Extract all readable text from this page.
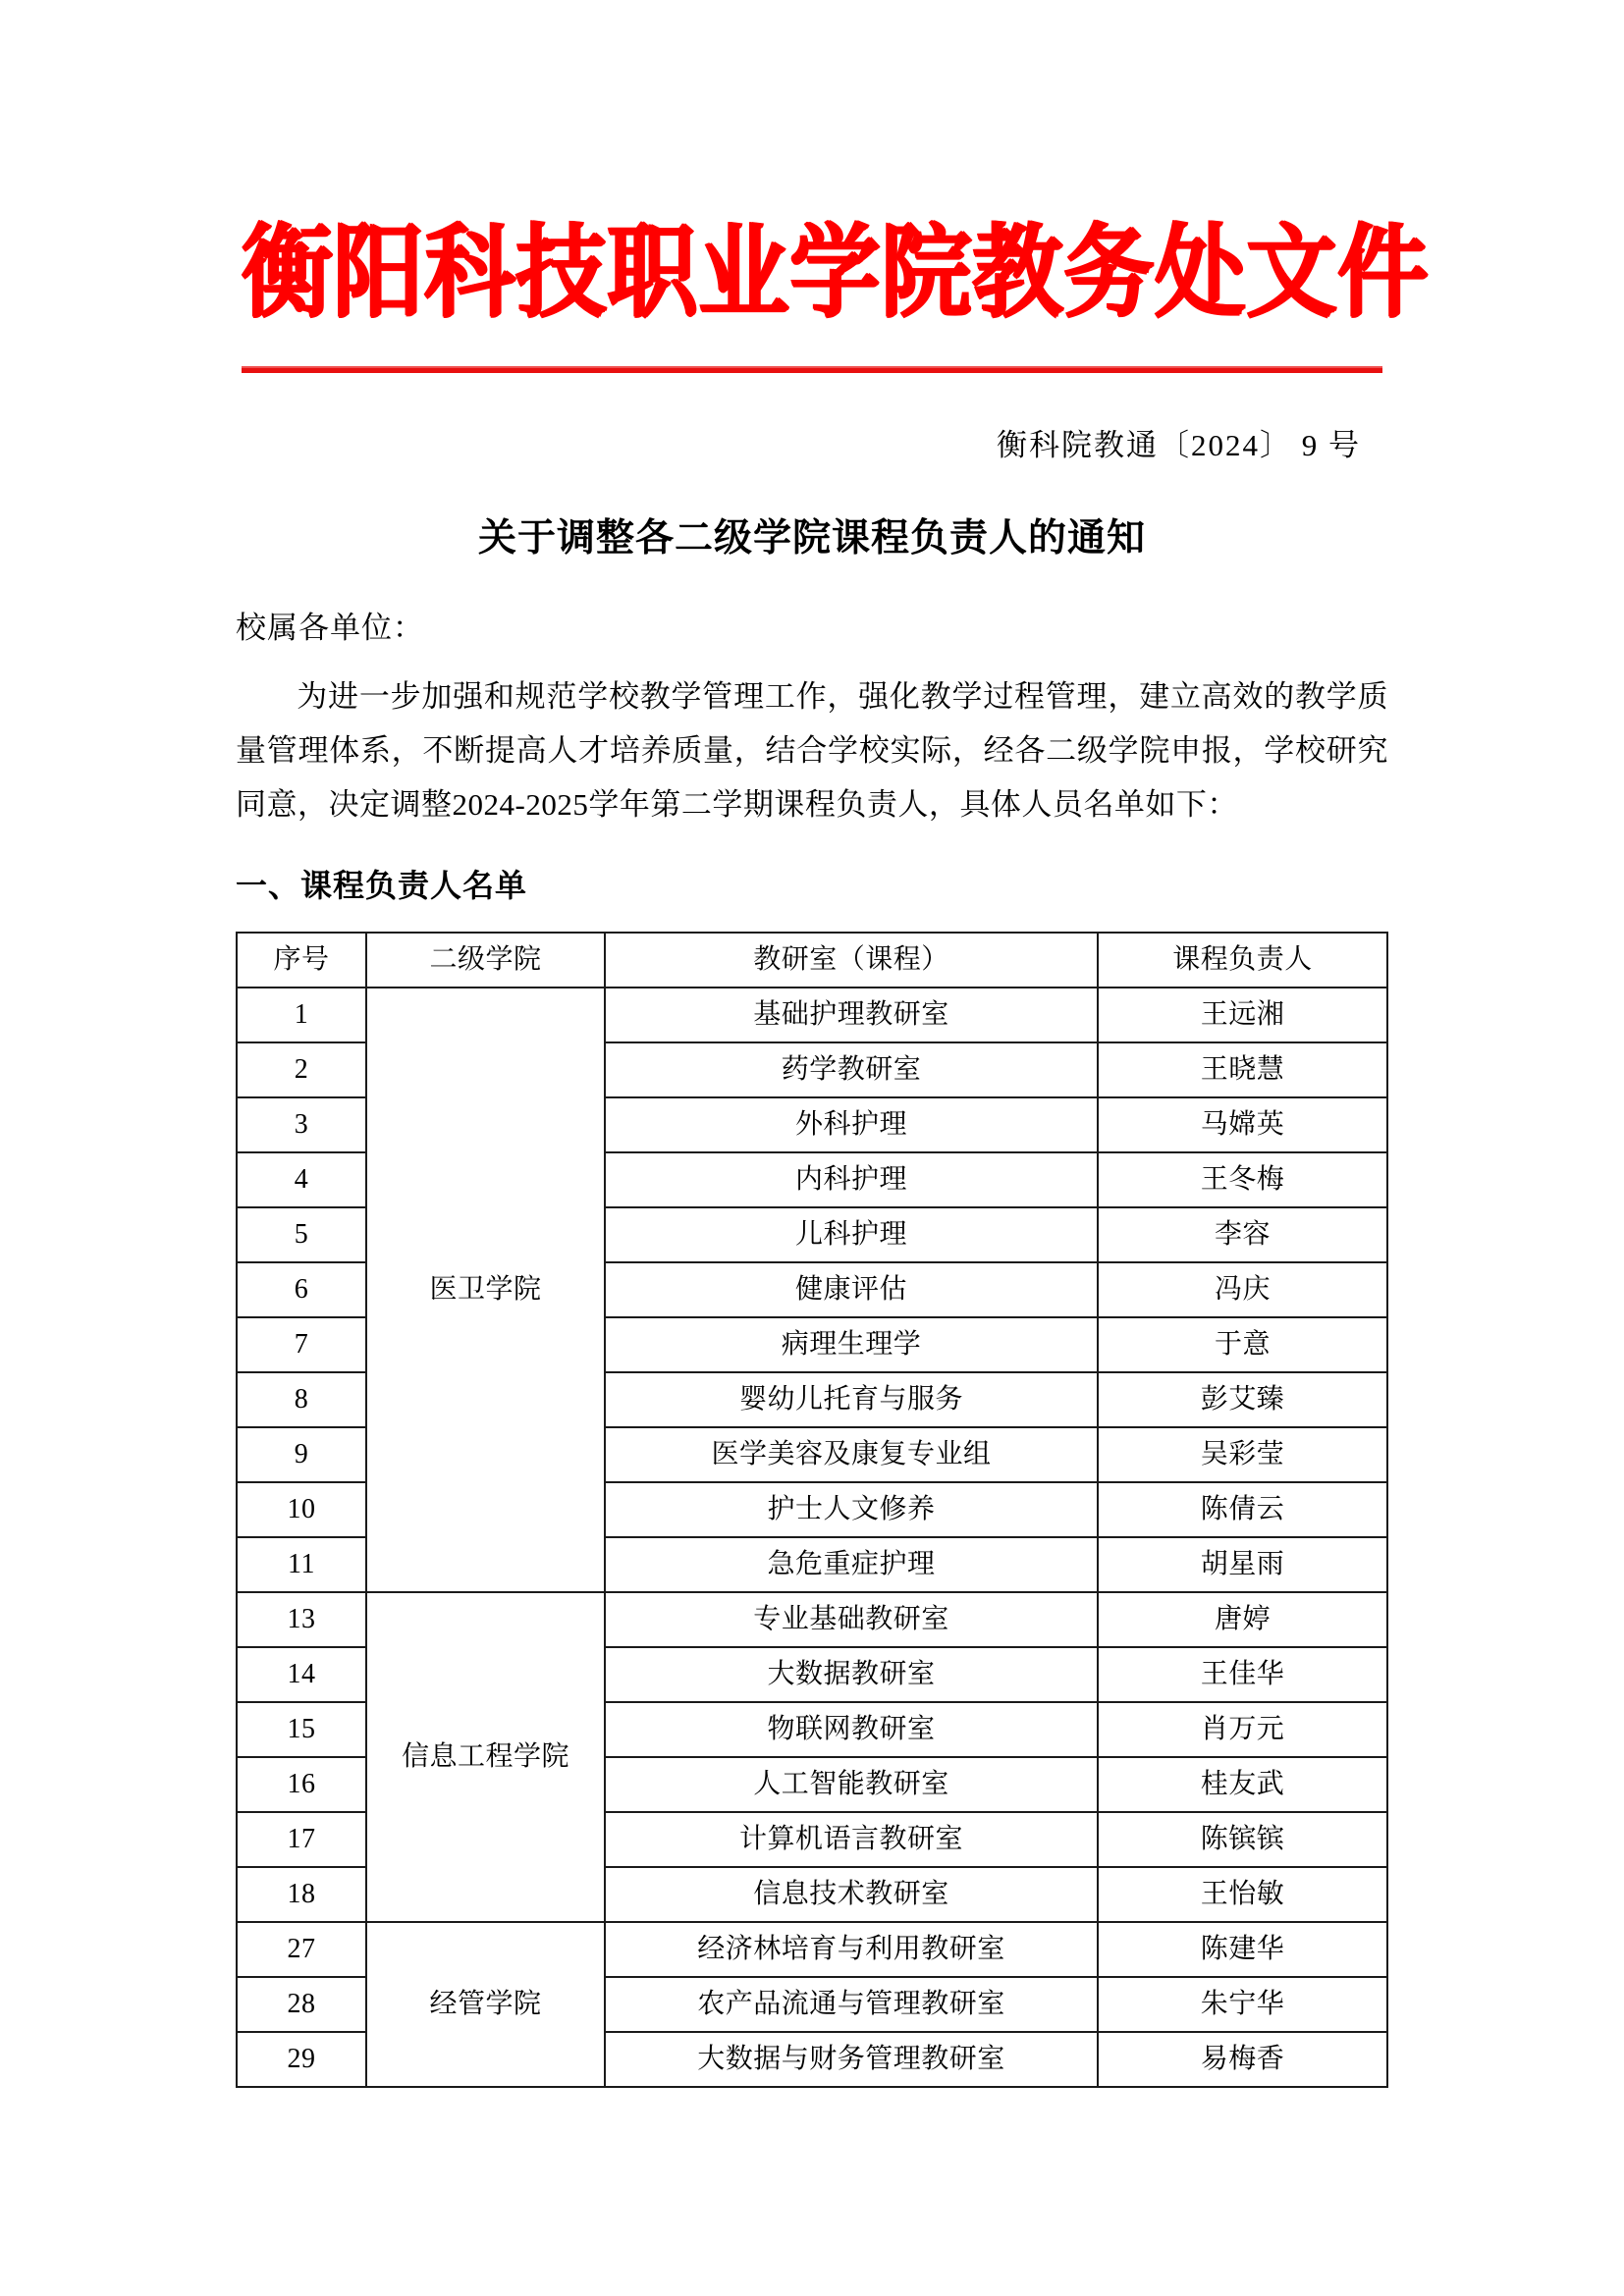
衡阳科技职业学院教务处文件
衡科院教通〔2024〕 9 号
关于调整各二级学院课程负责人的通知
校属各单位：
为进一步加强和规范学校教学管理工作，强化教学过程管理，建立高效的教学质量管理体系，不断提高人才培养质量，结合学校实际，经各二级学院申报，学校研究同意，决定调整2024-2025学年第二学期课程负责人，具体人员名单如下：
一、课程负责人名单
序号	二级学院	教研室（课程）	课程负责人
1	医卫学院	基础护理教研室	王远湘
2		药学教研室	王晓慧
3		外科护理	马嫦英
4		内科护理	王冬梅
5		儿科护理	李容
6		健康评估	冯庆
7		病理生理学	于意
8		婴幼儿托育与服务	彭艾臻
9		医学美容及康复专业组	吴彩莹
10		护士人文修养	陈倩云
11		急危重症护理	胡星雨
13	信息工程学院	专业基础教研室	唐婷
14		大数据教研室	王佳华
15		物联网教研室	肖万元
16		人工智能教研室	桂友武
17		计算机语言教研室	陈镔镔
18		信息技术教研室	王怡敏
27	经管学院	经济林培育与利用教研室	陈建华
28		农产品流通与管理教研室	朱宁华
29		大数据与财务管理教研室	易梅香
